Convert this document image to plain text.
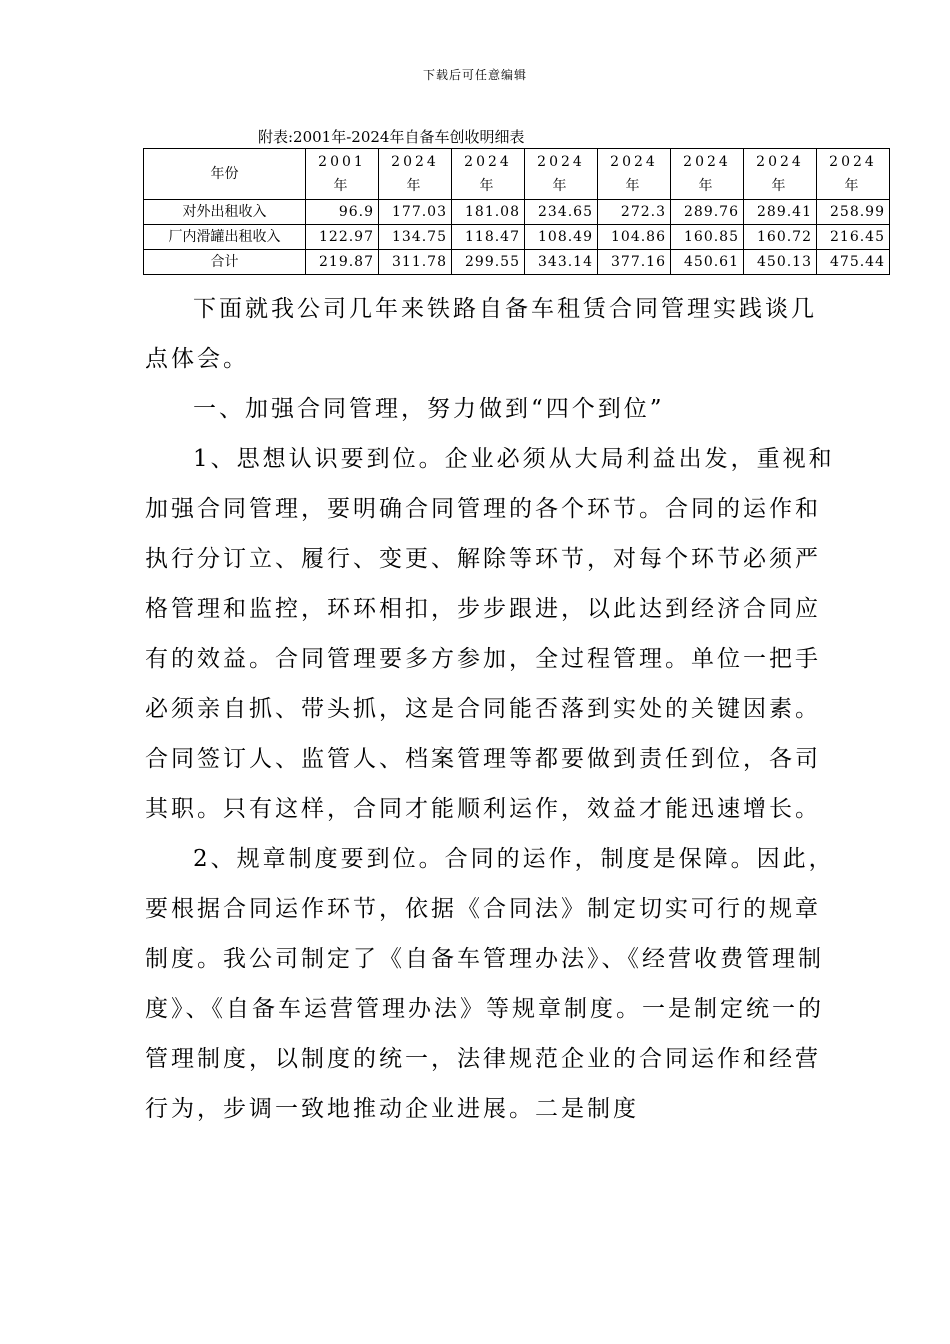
下载后可任意编辑
附表:2001年-2024年自备车创收明细表
年份	2001 年	2024 年	2024 年	2024 年	2024 年	2024 年	2024 年	2024 年
对外出租收入	96.9	177.03	181.08	234.65	272.3	289.76	289.41	258.99
厂内滑罐出租收入	122.97	134.75	118.47	108.49	104.86	160.85	160.72	216.45
合计	219.87	311.78	299.55	343.14	377.16	450.61	450.13	475.44

下面就我公司几年来铁路自备车租赁合同管理实践谈几点体会。

一、加强合同管理，努力做到“四个到位”

1、思想认识要到位。企业必须从大局利益出发，重视和加强合同管理，要明确合同管理的各个环节。合同的运作和执行分订立、履行、变更、解除等环节，对每个环节必须严格管理和监控，环环相扣，步步跟进，以此达到经济合同应有的效益。合同管理要多方参加，全过程管理。单位一把手必须亲自抓、带头抓，这是合同能否落到实处的关键因素。合同签订人、监管人、档案管理等都要做到责任到位，各司其职。只有这样，合同才能顺利运作，效益才能迅速增长。

2、规章制度要到位。合同的运作，制度是保障。因此，要根据合同运作环节，依据《合同法》制定切实可行的规章制度。我公司制定了《自备车管理办法》、《经营收费管理制度》、《自备车运营管理办法》等规章制度。一是制定统一的管理制度，以制度的统一，法律规范企业的合同运作和经营行为，步调一致地推动企业进展。二是制度
